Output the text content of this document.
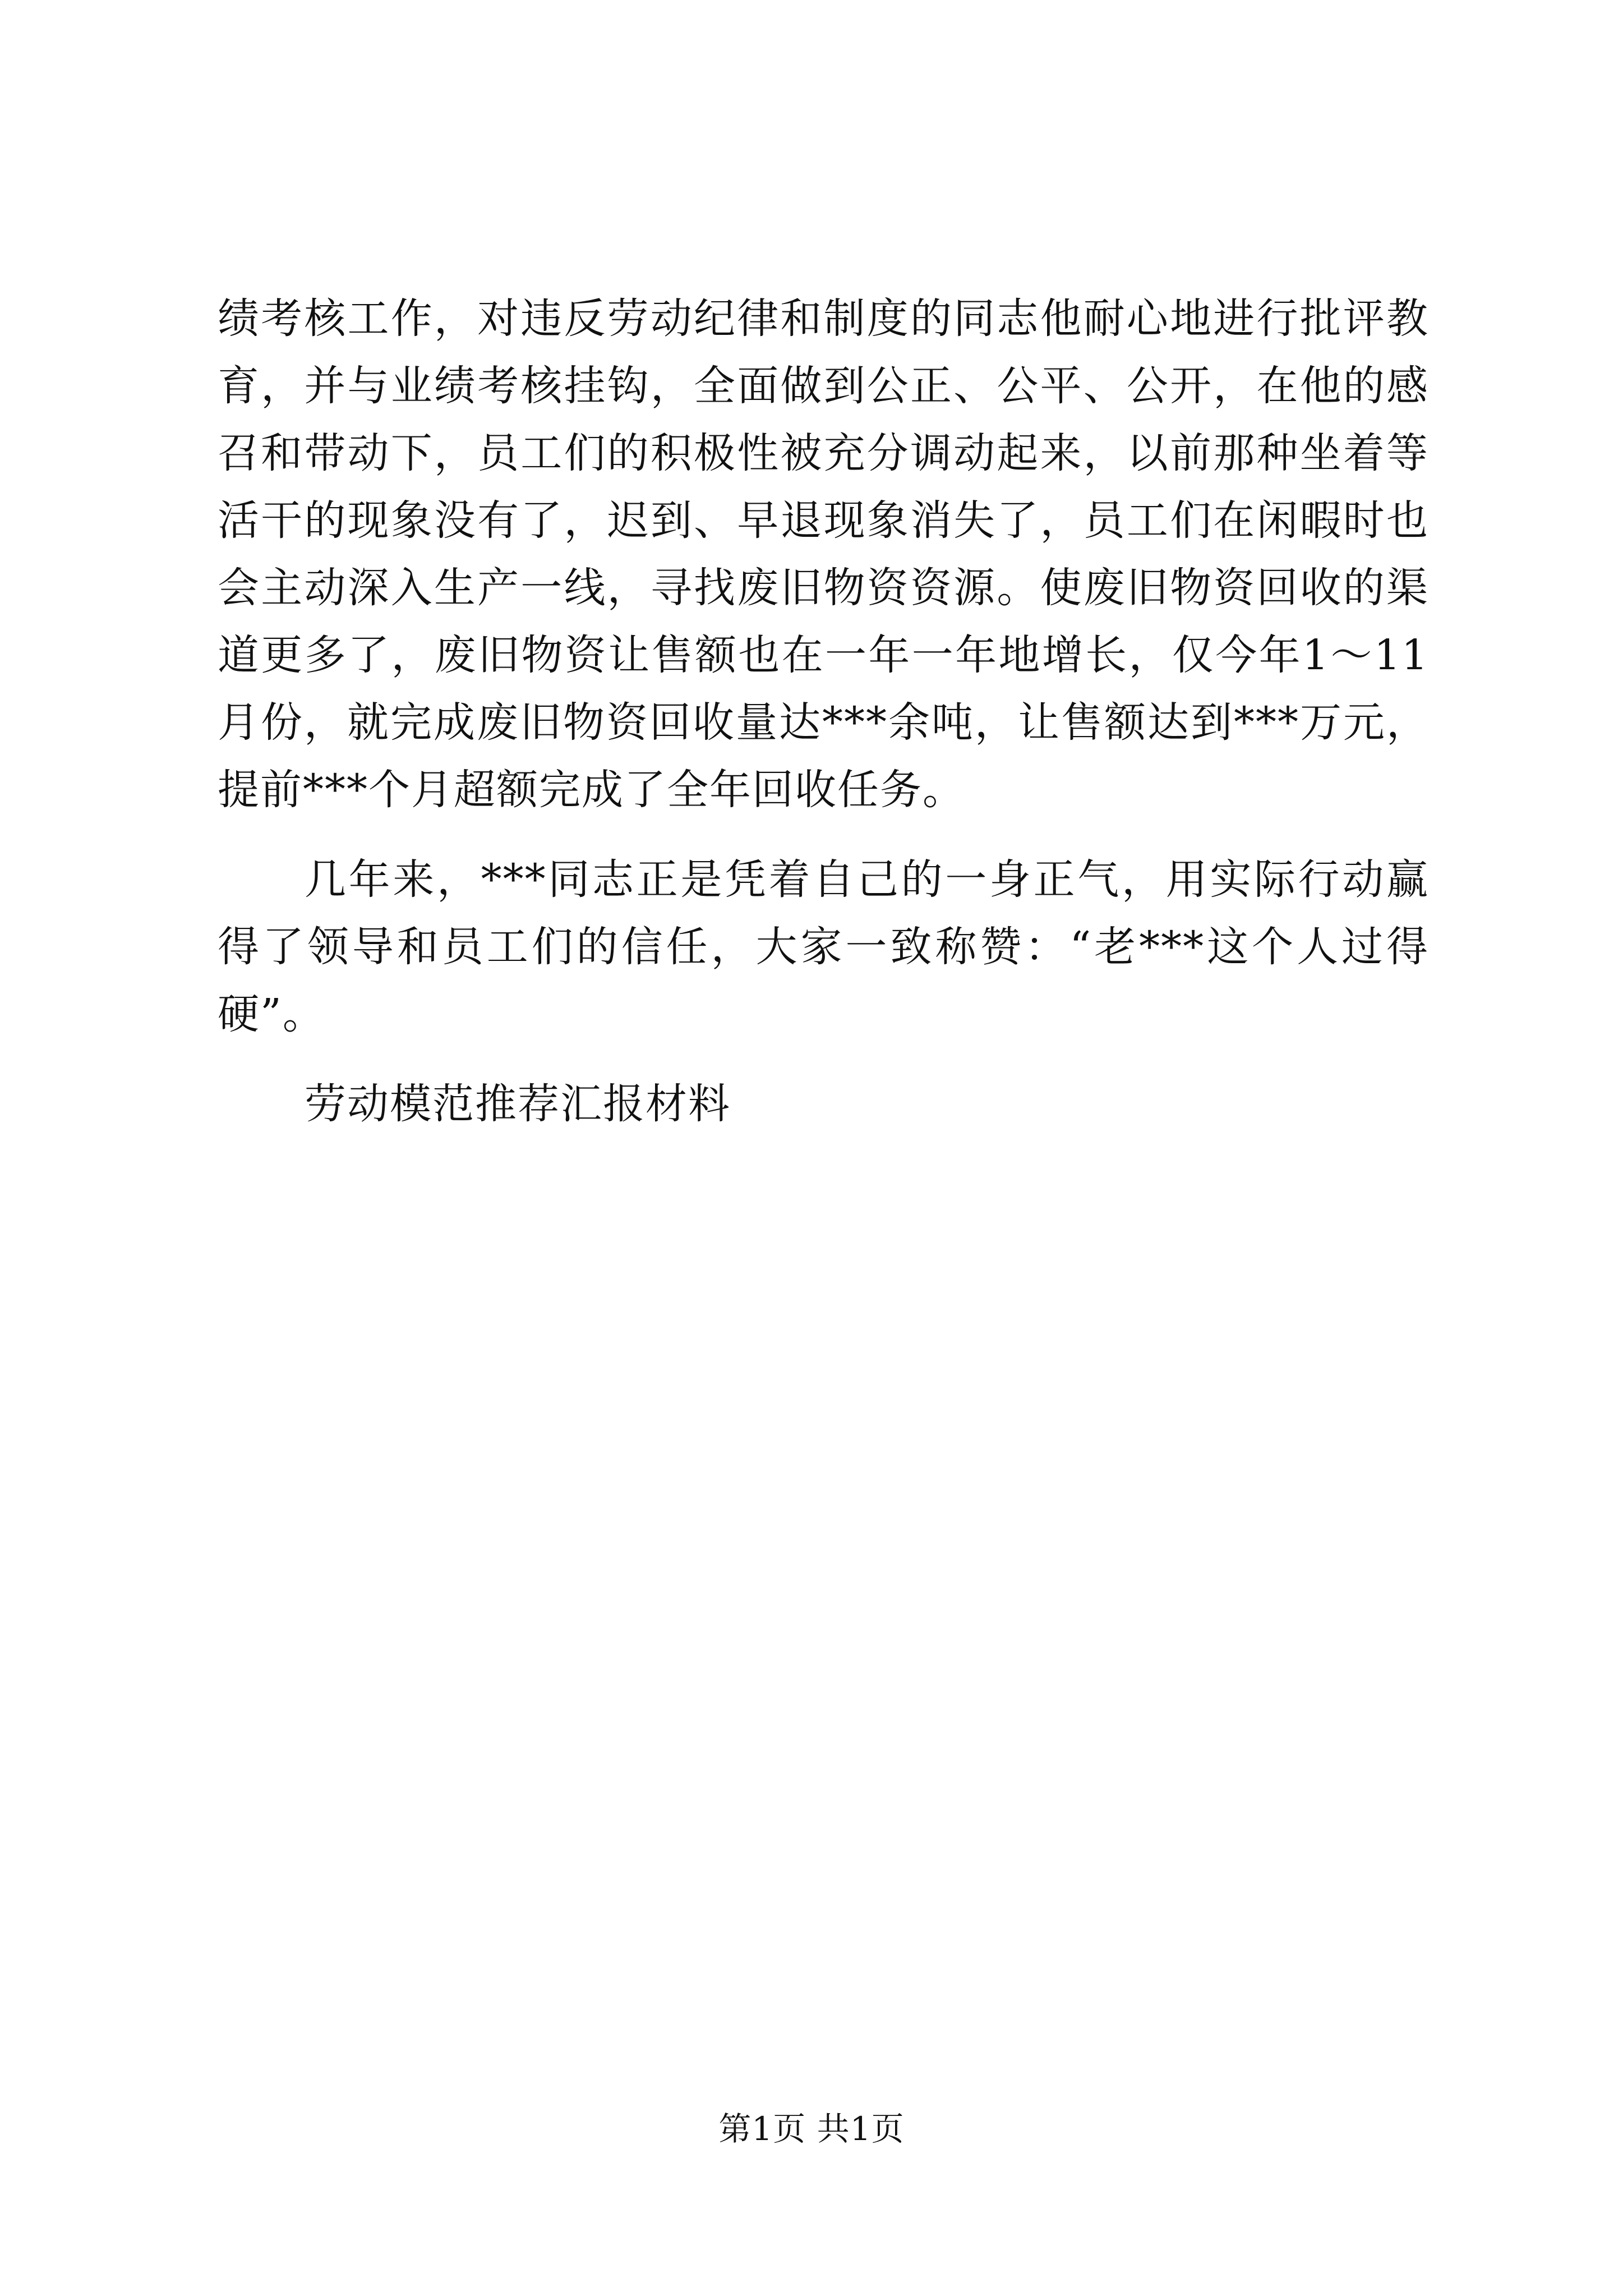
绩考核工作，对违反劳动纪律和制度的同志他耐心地进行批评教
育，并与业绩考核挂钩，全面做到公正、公平、公开，在他的感
召和带动下，员工们的积极性被充分调动起来，以前那种坐着等
活干的现象没有了，迟到、早退现象消失了，员工们在闲暇时也
会主动深入生产一线，寻找废旧物资资源。使废旧物资回收的渠
道更多了，废旧物资让售额也在一年一年地增长，仅今年1～11
月份，就完成废旧物资回收量达***余吨，让售额达到***万元，
提前***个月超额完成了全年回收任务。
几年来，***同志正是凭着自己的一身正气，用实际行动赢
得了领导和员工们的信任，大家一致称赞：“老***这个人过得
硬”。
劳动模范推荐汇报材料
第1页 共1页
